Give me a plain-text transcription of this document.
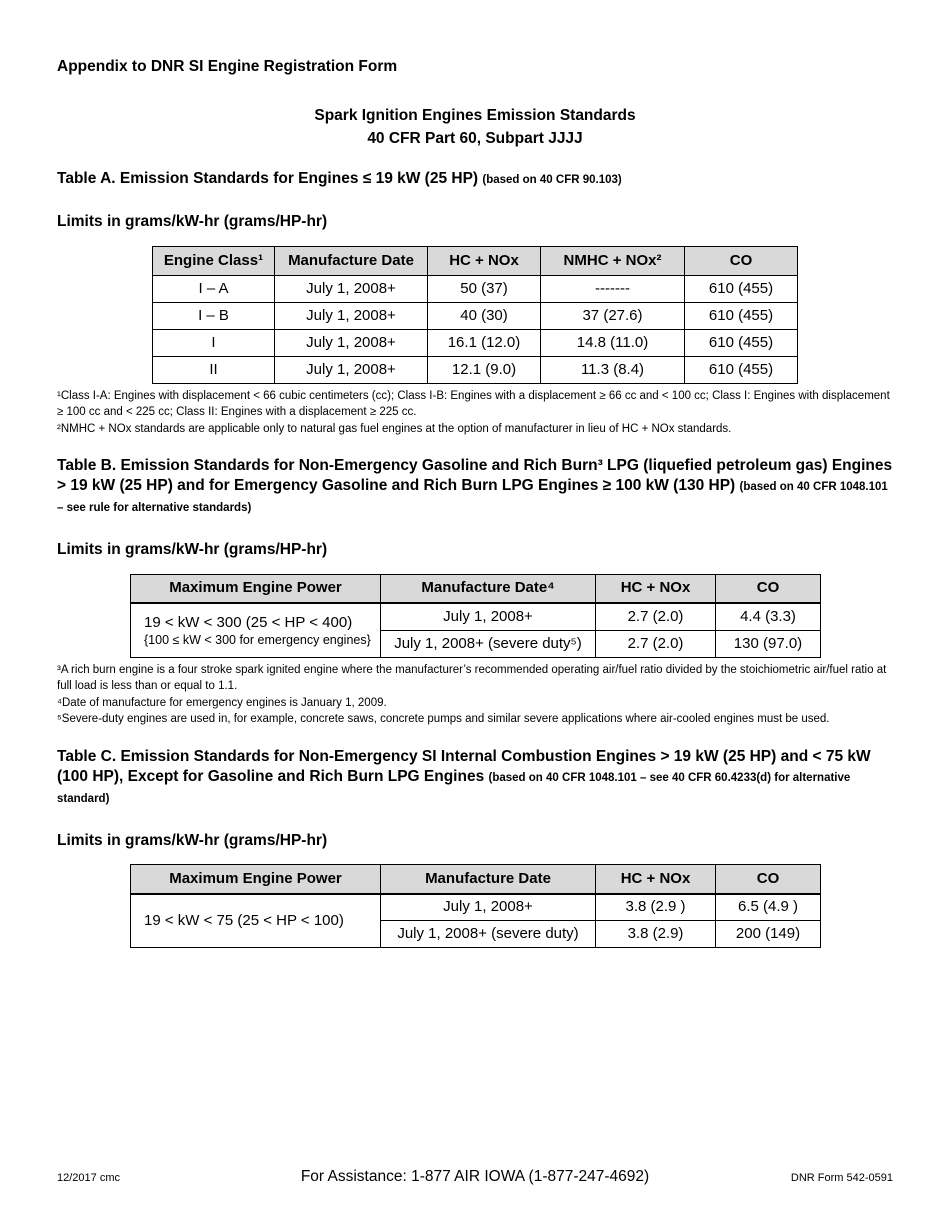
Appendix to DNR SI Engine Registration Form

Spark Ignition Engines Emission Standards
40 CFR Part 60, Subpart JJJJ

Table A. Emission Standards for Engines ≤ 19 kW (25 HP) (based on 40 CFR 90.103)

Limits in grams/kW-hr (grams/HP-hr)

Engine Class¹	Manufacture Date	HC + NOx	NMHC + NOx²	CO
I – A	July 1, 2008+	50 (37)	-------	610 (455)
I – B	July 1, 2008+	40 (30)	37 (27.6)	610 (455)
I	July 1, 2008+	16.1 (12.0)	14.8 (11.0)	610 (455)
II	July 1, 2008+	12.1 (9.0)	11.3 (8.4)	610 (455)

¹Class I-A: Engines with displacement < 66 cubic centimeters (cc); Class I-B: Engines with a displacement ≥ 66 cc and < 100 cc; Class I: Engines with displacement ≥ 100 cc and < 225 cc; Class II: Engines with a displacement ≥ 225 cc.

²NMHC + NOx standards are applicable only to natural gas fuel engines at the option of manufacturer in lieu of HC + NOx standards.

Table B. Emission Standards for Non-Emergency Gasoline and Rich Burn³ LPG (liquefied petroleum gas) Engines > 19 kW (25 HP) and for Emergency Gasoline and Rich Burn LPG Engines ≥ 100 kW (130 HP) (based on 40 CFR 1048.101 – see rule for alternative standards)

Limits in grams/kW-hr (grams/HP-hr)

Maximum Engine Power	Manufacture Date⁴	HC + NOx	CO

19 < kW < 300 (25 < HP < 400)
{100 ≤ kW < 300 for emergency engines}	July 1, 2008+	2.7 (2.0)	4.4 (3.3)
	July 1, 2008+ (severe duty⁵)	2.7 (2.0)	130 (97.0)

³A rich burn engine is a four stroke spark ignited engine where the manufacturer’s recommended operating air/fuel ratio divided by the stoichiometric air/fuel ratio at full load is less than or equal to 1.1.

⁴Date of manufacture for emergency engines is January 1, 2009.

⁵Severe-duty engines are used in, for example, concrete saws, concrete pumps and similar severe applications where air-cooled engines must be used.

Table C. Emission Standards for Non-Emergency SI Internal Combustion Engines > 19 kW (25 HP) and < 75 kW (100 HP), Except for Gasoline and Rich Burn LPG Engines (based on 40 CFR 1048.101 – see 40 CFR 60.4233(d) for alternative standard)

Limits in grams/kW-hr (grams/HP-hr)

Maximum Engine Power	Manufacture Date	HC + NOx	CO

19 < kW < 75 (25 < HP < 100)	July 1, 2008+	3.8 (2.9 )	6.5 (4.9 )
	July 1, 2008+ (severe duty)	3.8 (2.9)	200 (149)
12/2017 cmc	For Assistance: 1-877 AIR IOWA (1-877-247-4692)	DNR Form 542-0591
